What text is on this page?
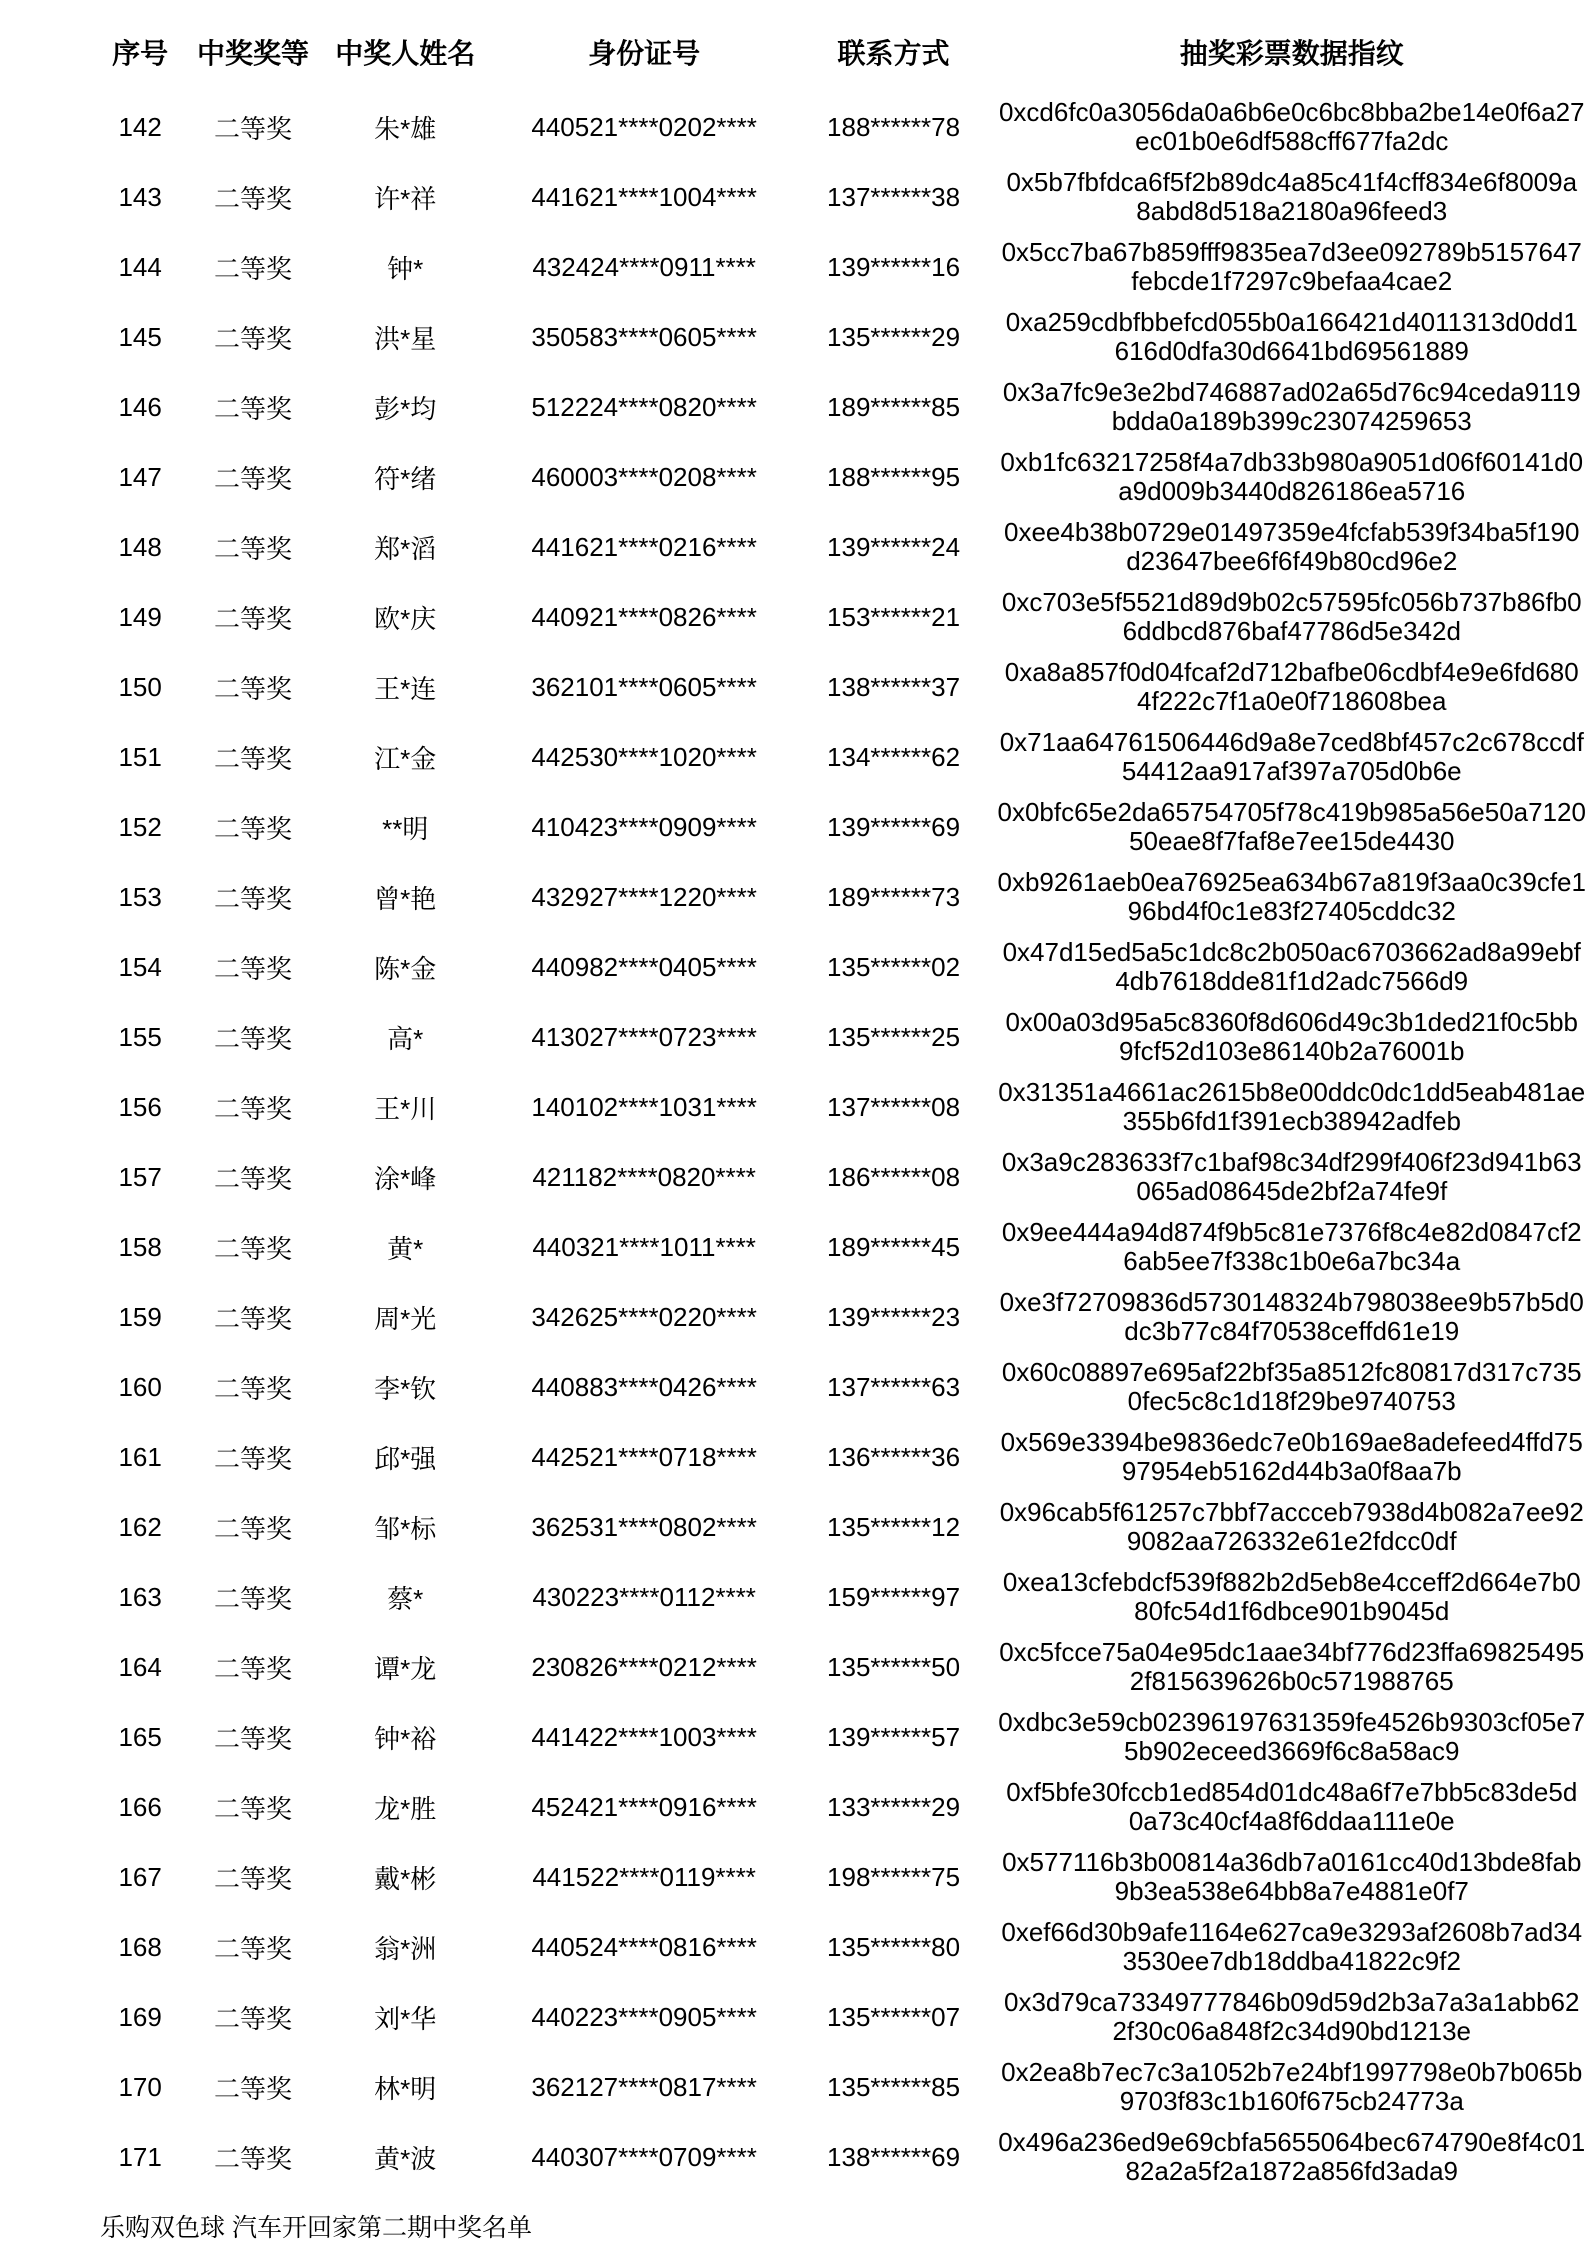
序号	中奖奖等	中奖人姓名	身份证号	联系方式	抽奖彩票数据指纹
142	二等奖	朱*雄	440521****0202****	188******78	0xcd6fc0a3056da0a6b6e0c6bc8bba2be14e0f6a27
ec01b0e6df588cff677fa2dc

143	二等奖	许*祥	441621****1004****	137******38	0x5b7fbfdca6f5f2b89dc4a85c41f4cff834e6f8009a
8abd8d518a2180a96feed3

144	二等奖	钟*	432424****0911****	139******16	0x5cc7ba67b859fff9835ea7d3ee092789b5157647
febcde1f7297c9befaa4cae2

145	二等奖	洪*星	350583****0605****	135******29	0xa259cdbfbbefcd055b0a166421d4011313d0dd1
616d0dfa30d6641bd69561889

146	二等奖	彭*均	512224****0820****	189******85	0x3a7fc9e3e2bd746887ad02a65d76c94ceda9119
bdda0a189b399c23074259653

147	二等奖	符*绪	460003****0208****	188******95	0xb1fc63217258f4a7db33b980a9051d06f60141d0
a9d009b3440d826186ea5716

148	二等奖	郑*滔	441621****0216****	139******24	0xee4b38b0729e01497359e4fcfab539f34ba5f190
d23647bee6f6f49b80cd96e2

149	二等奖	欧*庆	440921****0826****	153******21	0xc703e5f5521d89d9b02c57595fc056b737b86fb0
6ddbcd876baf47786d5e342d

150	二等奖	王*连	362101****0605****	138******37	0xa8a857f0d04fcaf2d712bafbe06cdbf4e9e6fd680
4f222c7f1a0e0f718608bea

151	二等奖	江*金	442530****1020****	134******62	0x71aa64761506446d9a8e7ced8bf457c2c678ccdf
54412aa917af397a705d0b6e

152	二等奖	**明	410423****0909****	139******69	0x0bfc65e2da65754705f78c419b985a56e50a7120
50eae8f7faf8e7ee15de4430

153	二等奖	曾*艳	432927****1220****	189******73	0xb9261aeb0ea76925ea634b67a819f3aa0c39cfe1
96bd4f0c1e83f27405cddc32

154	二等奖	陈*金	440982****0405****	135******02	0x47d15ed5a5c1dc8c2b050ac6703662ad8a99ebf
4db7618dde81f1d2adc7566d9

155	二等奖	高*	413027****0723****	135******25	0x00a03d95a5c8360f8d606d49c3b1ded21f0c5bb
9fcf52d103e86140b2a76001b

156	二等奖	王*川	140102****1031****	137******08	0x31351a4661ac2615b8e00ddc0dc1dd5eab481ae
355b6fd1f391ecb38942adfeb

157	二等奖	涂*峰	421182****0820****	186******08	0x3a9c283633f7c1baf98c34df299f406f23d941b63
065ad08645de2bf2a74fe9f

158	二等奖	黄*	440321****1011****	189******45	0x9ee444a94d874f9b5c81e7376f8c4e82d0847cf2
6ab5ee7f338c1b0e6a7bc34a

159	二等奖	周*光	342625****0220****	139******23	0xe3f72709836d5730148324b798038ee9b57b5d0
dc3b77c84f70538ceffd61e19

160	二等奖	李*钦	440883****0426****	137******63	0x60c08897e695af22bf35a8512fc80817d317c735
0fec5c8c1d18f29be9740753

161	二等奖	邱*强	442521****0718****	136******36	0x569e3394be9836edc7e0b169ae8adefeed4ffd75
97954eb5162d44b3a0f8aa7b

162	二等奖	邹*标	362531****0802****	135******12	0x96cab5f61257c7bbf7accceb7938d4b082a7ee92
9082aa726332e61e2fdcc0df

163	二等奖	蔡*	430223****0112****	159******97	0xea13cfebdcf539f882b2d5eb8e4cceff2d664e7b0
80fc54d1f6dbce901b9045d

164	二等奖	谭*龙	230826****0212****	135******50	0xc5fcce75a04e95dc1aae34bf776d23ffa69825495
2f815639626b0c571988765

165	二等奖	钟*裕	441422****1003****	139******57	0xdbc3e59cb02396197631359fe4526b9303cf05e7
5b902eceed3669f6c8a58ac9

166	二等奖	龙*胜	452421****0916****	133******29	0xf5bfe30fccb1ed854d01dc48a6f7e7bb5c83de5d
0a73c40cf4a8f6ddaa111e0e

167	二等奖	戴*彬	441522****0119****	198******75	0x577116b3b00814a36db7a0161cc40d13bde8fab
9b3ea538e64bb8a7e4881e0f7

168	二等奖	翁*洲	440524****0816****	135******80	0xef66d30b9afe1164e627ca9e3293af2608b7ad34
3530ee7db18ddba41822c9f2

169	二等奖	刘*华	440223****0905****	135******07	0x3d79ca73349777846b09d59d2b3a7a3a1abb62
2f30c06a848f2c34d90bd1213e

170	二等奖	林*明	362127****0817****	135******85	0x2ea8b7ec7c3a1052b7e24bf1997798e0b7b065b
9703f83c1b160f675cb24773a

171	二等奖	黄*波	440307****0709****	138******69	0x496a236ed9e69cbfa5655064bec674790e8f4c01
82a2a5f2a1872a856fd3ada9
乐购双色球 汽车开回家第二期中奖名单
